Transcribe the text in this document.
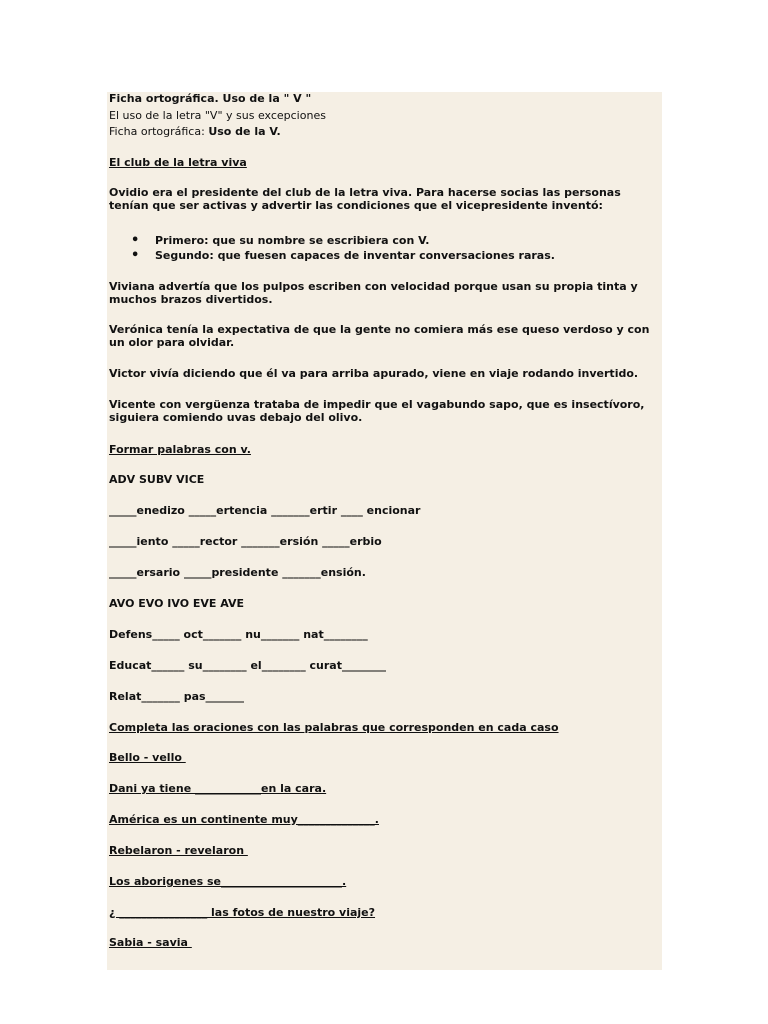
Ficha ortográfica. Uso de la " V "

El uso de la letra "V" y sus excepciones

Ficha ortográfica: Uso de la V.

El club de la letra viva

Ovidio era el presidente del club de la letra viva. Para hacerse socias las personas tenían que ser activas y advertir las condiciones que el vicepresidente inventó:

• Primero: que su nombre se escribiera con V.
• Segundo: que fuesen capaces de inventar conversaciones raras.

Viviana advertía que los pulpos escriben con velocidad porque usan su propia tinta y muchos brazos divertidos.

Verónica tenía la expectativa de que la gente no comiera más ese queso verdoso y con un olor para olvidar.

Victor vivía diciendo que él va para arriba apurado, viene en viaje rodando invertido.

Vicente con vergüenza trataba de impedir que el vagabundo sapo, que es insectívoro, siguiera comiendo uvas debajo del olivo.

Formar palabras con v.

ADV SUBV VICE

_____enedizo _____ertencia _______ertir ____ encionar

_____iento _____rector _______ersión _____erbio

_____ersario _____presidente _______ensión.

AVO EVO IVO EVE AVE

Defens_____ oct_______ nu_______ nat________

Educat______ su________ el________ curat________

Relat_______ pas_______

Completa las oraciones con las palabras que corresponden en cada caso

Bello - vello

Dani ya tiene ____________en la cara.

América es un continente muy______________.

Rebelaron - revelaron

Los aborigenes se______________________.

¿ ________________ las fotos de nuestro viaje?

Sabia - savia
